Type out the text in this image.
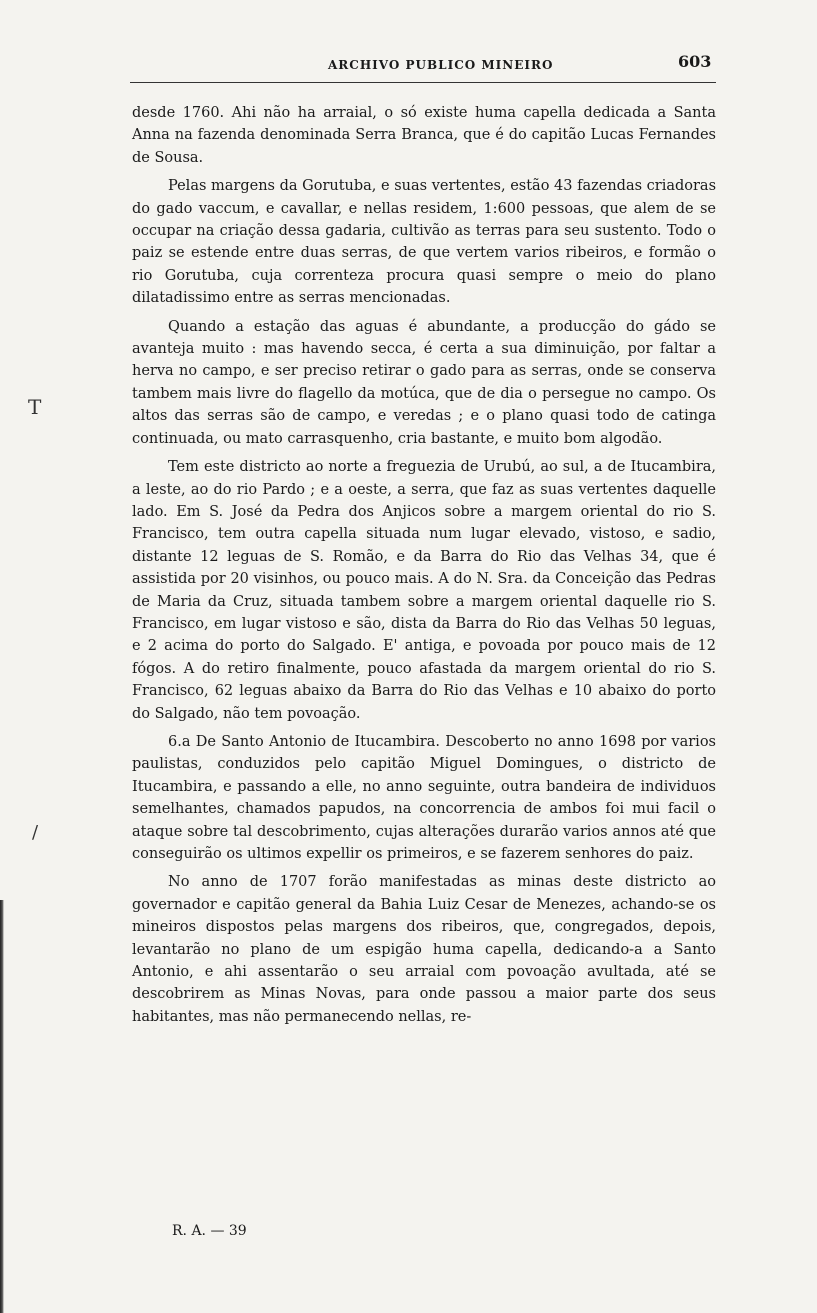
ARCHIVO PUBLICO MINEIRO	603
T
/

desde 1760. Ahi não ha arraial, o só existe huma capella dedicada a Santa Anna na fazenda denominada Serra Branca, que é do capitão Lucas Fernandes de Sousa.

Pelas margens da Gorutuba, e suas vertentes, estão 43 fazendas criadoras do gado vaccum, e cavallar, e nellas residem, 1:600 pessoas, que alem de se occupar na criação dessa gadaria, cultivão as terras para seu sustento. Todo o paiz se estende entre duas serras, de que vertem varios ribeiros, e formão o rio Gorutuba, cuja correnteza procura quasi sempre o meio do plano dilatadissimo entre as serras mencionadas.

Quando a estação das aguas é abundante, a producção do gádo se avanteja muito : mas havendo secca, é certa a sua diminuição, por faltar a herva no campo, e ser preciso retirar o gado para as serras, onde se conserva tambem mais livre do flagello da motúca, que de dia o persegue no campo. Os altos das serras são de campo, e veredas ; e o plano quasi todo de catinga continuada, ou mato carrasquenho, cria bastante, e muito bom algodão.

Tem este districto ao norte a freguezia de Urubú, ao sul, a de Itucambira, a leste, ao do rio Pardo ; e a oeste, a serra, que faz as suas vertentes daquelle lado. Em S. José da Pedra dos Anjicos sobre a margem oriental do rio S. Francisco, tem outra capella situada num lugar elevado, vistoso, e sadio, distante 12 leguas de S. Romão, e da Barra do Rio das Velhas 34, que é assistida por 20 visinhos, ou pouco mais. A do N. Sra. da Conceição das Pedras de Maria da Cruz, situada tambem sobre a margem oriental daquelle rio S. Francisco, em lugar vistoso e são, dista da Barra do Rio das Velhas 50 leguas, e 2 acima do porto do Salgado. E' antiga, e povoada por pouco mais de 12 fógos. A do retiro finalmente, pouco afastada da margem oriental do rio S. Francisco, 62 leguas abaixo da Barra do Rio das Velhas e 10 abaixo do porto do Salgado, não tem povoação.

6.a De Santo Antonio de Itucambira. Descoberto no anno 1698 por varios paulistas, conduzidos pelo capitão Miguel Domingues, o districto de Itucambira, e passando a elle, no anno seguinte, outra bandeira de individuos semelhantes, chamados papudos, na concorrencia de ambos foi mui facil o ataque sobre tal descobrimento, cujas alterações durarão varios annos até que conseguirão os ultimos expellir os primeiros, e se fazerem senhores do paiz.

No anno de 1707 forão manifestadas as minas deste districto ao governador e capitão general da Bahia Luiz Cesar de Menezes, achando-se os mineiros dispostos pelas margens dos ribeiros, que, congregados, depois, levantarão no plano de um espigão huma capella, dedicando-a a Santo Antonio, e ahi assentarão o seu arraial com povoação avultada, até se descobrirem as Minas Novas, para onde passou a maior parte dos seus habitantes, mas não permanecendo nellas, re-

R. A. — 39
